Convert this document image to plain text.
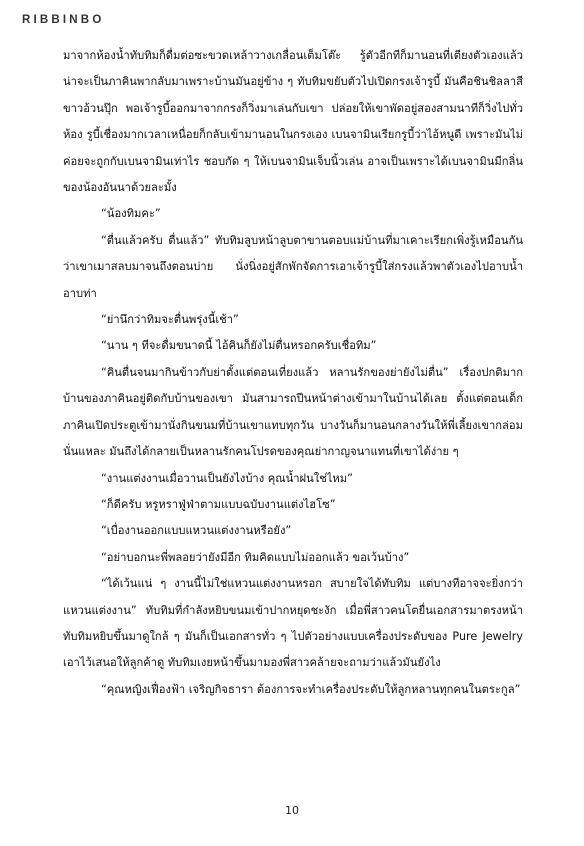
RIBBINBO

มาจากห้องน้ำทับทิมก็ดื่มต่อซะขวดเหล้าวางเกลื่อนเต็มโต๊ะ รู้ตัวอีกทีก็มานอนที่เตียงตัวเองแล้ว น่าจะเป็นภาคินพากลับมาเพราะบ้านมันอยู่ข้าง ๆ ทับทิมขยับตัวไปเปิดกรงเจ้ารูบี้ มันคือชินชิลลาสีขาวอ้วนปุ๊ก พอเจ้ารูบี้ออกมาจากกรงก็วิ่งมาเล่นกับเขา ปล่อยให้เขาพัดอยู่สองสามนาทีก็วิ่งไปทั่วห้อง รูบี้เชื่องมากเวลาเหนื่อยก็กลับเข้ามานอนในกรงเอง เบนจามินเรียกรูบี้ว่าไอ้หนูดี เพราะมันไม่ค่อยจะถูกกับเบนจามินเท่าไร ชอบกัด ๆ ให้เบนจามินเจ็บนิ้วเล่น อาจเป็นเพราะได้เบนจามินมีกลิ่นของน้องอันนาด้วยละมั้ง

“น้องทิมคะ”

“ตื่นแล้วครับ ตื่นแล้ว” ทับทิมลูบหน้าลูบตาขานตอบแม่บ้านที่มาเคาะเรียกเพิ่งรู้เหมือนกันว่าเขาเมาสลบมาจนถึงตอนบ่าย นั่งนิ่งอยู่สักพักจัดการเอาเจ้ารูบี้ใส่กรงแล้วพาตัวเองไปอาบน้ำอาบท่า

“ย่านึกว่าทิมจะตื่นพรุ่งนี้เช้า”

“นาน ๆ ทีจะดื่มขนาดนี้ ไอ้คินก็ยังไม่ตื่นหรอกครับเชื่อทิม”

“คินตื่นจนมากินข้าวกับย่าตั้งแต่ตอนเที่ยงแล้ว หลานรักของย่ายังไม่ตื่น” เรื่องปกติมาก บ้านของภาคินอยู่ติดกับบ้านของเขา มันสามารถปีนหน้าต่างเข้ามาในบ้านได้เลย ตั้งแต่ตอนเด็กภาคินเปิดประตูเข้ามานั่งกินขนมที่บ้านเขาแทบทุกวัน บางวันก็มานอนกลางวันให้พี่เลี้ยงเขากล่อม นั่นแหละ มันถึงได้กลายเป็นหลานรักคนโปรดของคุณย่ากาญจนาแทนที่เขาได้ง่าย ๆ

“งานแต่งงานเมื่อวานเป็นยังไงบ้าง คุณน้ำฝนใช่ไหม”

“ก็ดีครับ หรูหราฟู่ฟ่าตามแบบฉบับงานแต่งไฮโซ”

“เบื่องานออกแบบแหวนแต่งงานหรือยัง”

“อย่าบอกนะพี่พลอยว่ายังมีอีก ทิมคิดแบบไม่ออกแล้ว ขอเว้นบ้าง”

“ได้เว้นแน่ ๆ งานนี้ไม่ใช่แหวนแต่งงานหรอก สบายใจได้ทับทิม แต่บางทีอาจจะยิ่งกว่าแหวนแต่งงาน” ทับทิมที่กำลังหยิบขนมเข้าปากหยุดชะงัก เมื่อพี่สาวคนโตยื่นเอกสารมาตรงหน้า ทับทิมหยิบขึ้นมาดูใกล้ ๆ มันก็เป็นเอกสารทั่ว ๆ ไปตัวอย่างแบบเครื่องประดับของ Pure Jewelry เอาไว้เสนอให้ลูกค้าดู ทับทิมเงยหน้าขึ้นมามองพี่สาวคล้ายจะถามว่าแล้วมันยังไง

“คุณหญิงเฟื่องฟ้า เจริญกิจธารา ต้องการจะทำเครื่องประดับให้ลูกหลานทุกคนในตระกูล”

10
